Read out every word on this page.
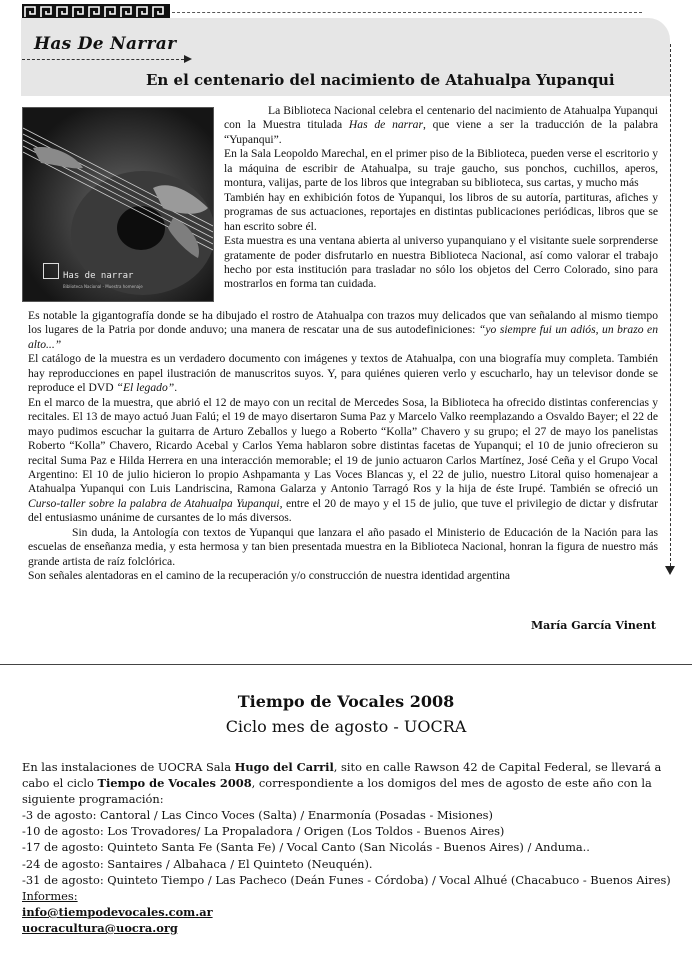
Has De Narrar
En el centenario del nacimiento de Atahualpa Yupanqui
Has de narrar
Biblioteca Nacional - Muestra homenaje

La Biblioteca Nacional celebra el centenario del nacimiento de Atahualpa Yupanqui con la Muestra titulada Has de narrar, que viene a ser la traducción de la palabra “Yupanqui”.

En la Sala Leopoldo Marechal, en el primer piso de la Biblioteca, pueden verse el escritorio y la máquina de escribir de Atahualpa, su traje gaucho, sus ponchos, cuchillos, aperos, montura, valijas, parte de los libros que integraban su biblioteca, sus cartas, y mucho más

También hay en exhibición fotos de Yupanqui, los libros de su autoría, partituras, afiches y programas de sus actuaciones, reportajes en distintas publicaciones periódicas, libros que se han escrito sobre él.

Esta muestra es una ventana abierta al universo yupanquiano y el visitante suele sorprenderse gratamente de poder disfrutarlo en nuestra Biblioteca Nacional, así como valorar el trabajo hecho por esta institución para trasladar no sólo los objetos del Cerro Colorado, sino para mostrarlos en forma tan cuidada.

Es notable la gigantografía donde se ha dibujado el rostro de Atahualpa con trazos muy delicados que van señalando al mismo tiempo los lugares de la Patria por donde anduvo; una manera de rescatar una de sus autodefiniciones: “yo siempre fui un adiós, un brazo en alto...”

El catálogo de la muestra es un verdadero documento con imágenes y textos de Atahualpa, con una biografía muy completa. También hay reproducciones en papel ilustración de manuscritos suyos. Y, para quiénes quieren verlo y escucharlo, hay un televisor donde se reproduce el DVD “El legado”.

En el marco de la muestra, que abrió el 12 de mayo con un recital de Mercedes Sosa, la Biblioteca ha ofrecido distintas conferencias y recitales. El 13 de mayo actuó Juan Falú; el 19 de mayo disertaron Suma Paz y Marcelo Valko reemplazando a Osvaldo Bayer; el 22 de mayo pudimos escuchar la guitarra de Arturo Zeballos y luego a Roberto “Kolla” Chavero y su grupo; el 27 de mayo los panelistas Roberto “Kolla” Chavero, Ricardo Acebal y Carlos Yema hablaron sobre distintas facetas de Yupanqui; el 10 de junio ofrecieron su recital Suma Paz e Hilda Herrera en una interacción memorable; el 19 de junio actuaron Carlos Martínez, José Ceña y el Grupo Vocal Argentino: El 10 de julio hicieron lo propio Ashpamanta y Las Voces Blancas y, el 22 de julio, nuestro Litoral quiso homenajear a Atahualpa Yupanqui con Luis Landriscina, Ramona Galarza y Antonio Tarragó Ros y la hija de éste Irupé. También se ofreció un Curso-taller sobre la palabra de Atahualpa Yupanqui, entre el 20 de mayo y el 15 de julio, que tuve el privilegio de dictar y disfrutar del entusiasmo unánime de cursantes de lo más diversos.

Sin duda, la Antología con textos de Yupanqui que lanzara el año pasado el Ministerio de Educación de la Nación para las escuelas de enseñanza media, y esta hermosa y tan bien presentada muestra en la Biblioteca Nacional, honran la figura de nuestro más grande artista de raíz folclórica.

Son señales alentadoras en el camino de la recuperación y/o construcción de nuestra identidad argentina

María García Vinent
Tiempo de Vocales 2008
Ciclo mes de agosto - UOCRA

En las instalaciones de UOCRA Sala Hugo del Carril, sito en calle Rawson 42 de Capital Federal, se llevará a cabo el ciclo Tiempo de Vocales 2008, correspondiente a los domigos del mes de agosto de este año con la siguiente programación:

-3 de agosto: Cantoral / Las Cinco Voces (Salta) / Enarmonía (Posadas - Misiones)

-10 de agosto: Los Trovadores/ La Propaladora / Origen (Los Toldos - Buenos Aires)

-17 de agosto: Quinteto Santa Fe (Santa Fe) / Vocal Canto (San Nicolás - Buenos Aires) / Anduma..

-24 de agosto: Santaires / Albahaca / El Quinteto (Neuquén).

-31 de agosto: Quinteto Tiempo / Las Pacheco (Deán Funes - Córdoba) / Vocal Alhué (Chacabuco - Buenos Aires)

Informes:

info@tiempodevocales.com.ar

uocracultura@uocra.org
